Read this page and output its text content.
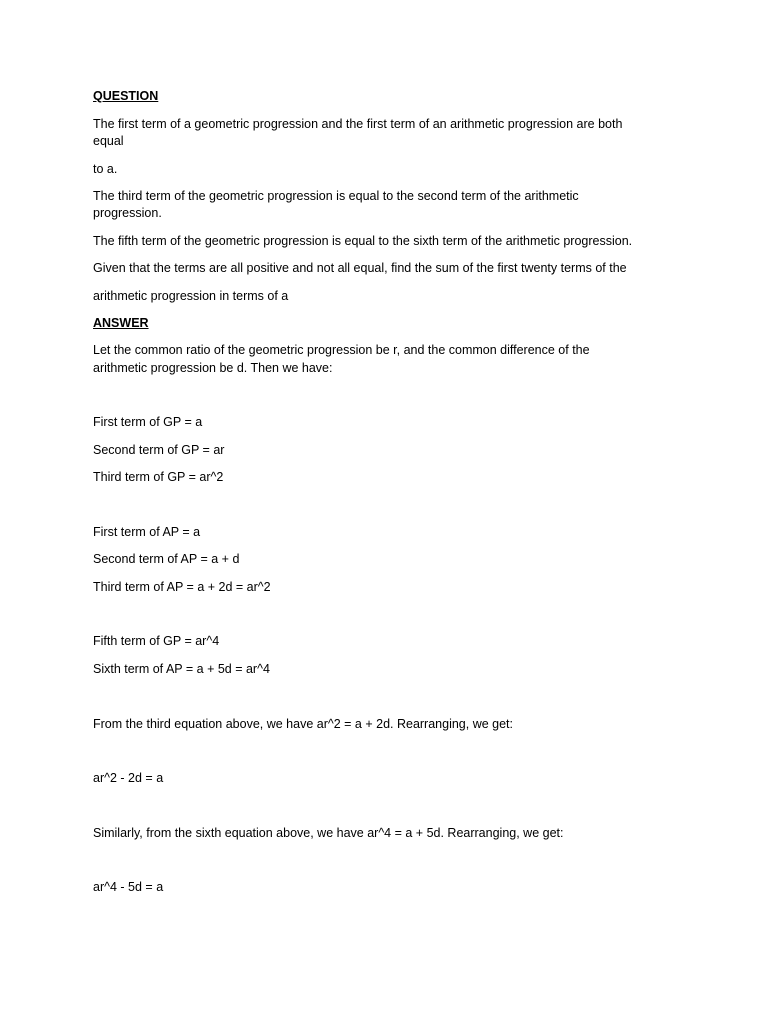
QUESTION
The first term of a geometric progression and the first term of an arithmetic progression are both
equal
to a.
The third term of the geometric progression is equal to the second term of the arithmetic
progression.
The fifth term of the geometric progression is equal to the sixth term of the arithmetic progression.
Given that the terms are all positive and not all equal, find the sum of the first twenty terms of the
arithmetic progression in terms of a
ANSWER
Let the common ratio of the geometric progression be r, and the common difference of the
arithmetic progression be d. Then we have:
First term of GP = a
Second term of GP = ar
Third term of GP = ar^2
First term of AP = a
Second term of AP = a + d
Third term of AP = a + 2d = ar^2
Fifth term of GP = ar^4
Sixth term of AP = a + 5d = ar^4
From the third equation above, we have ar^2 = a + 2d. Rearranging, we get:
ar^2 - 2d = a
Similarly, from the sixth equation above, we have ar^4 = a + 5d. Rearranging, we get:
ar^4 - 5d = a
